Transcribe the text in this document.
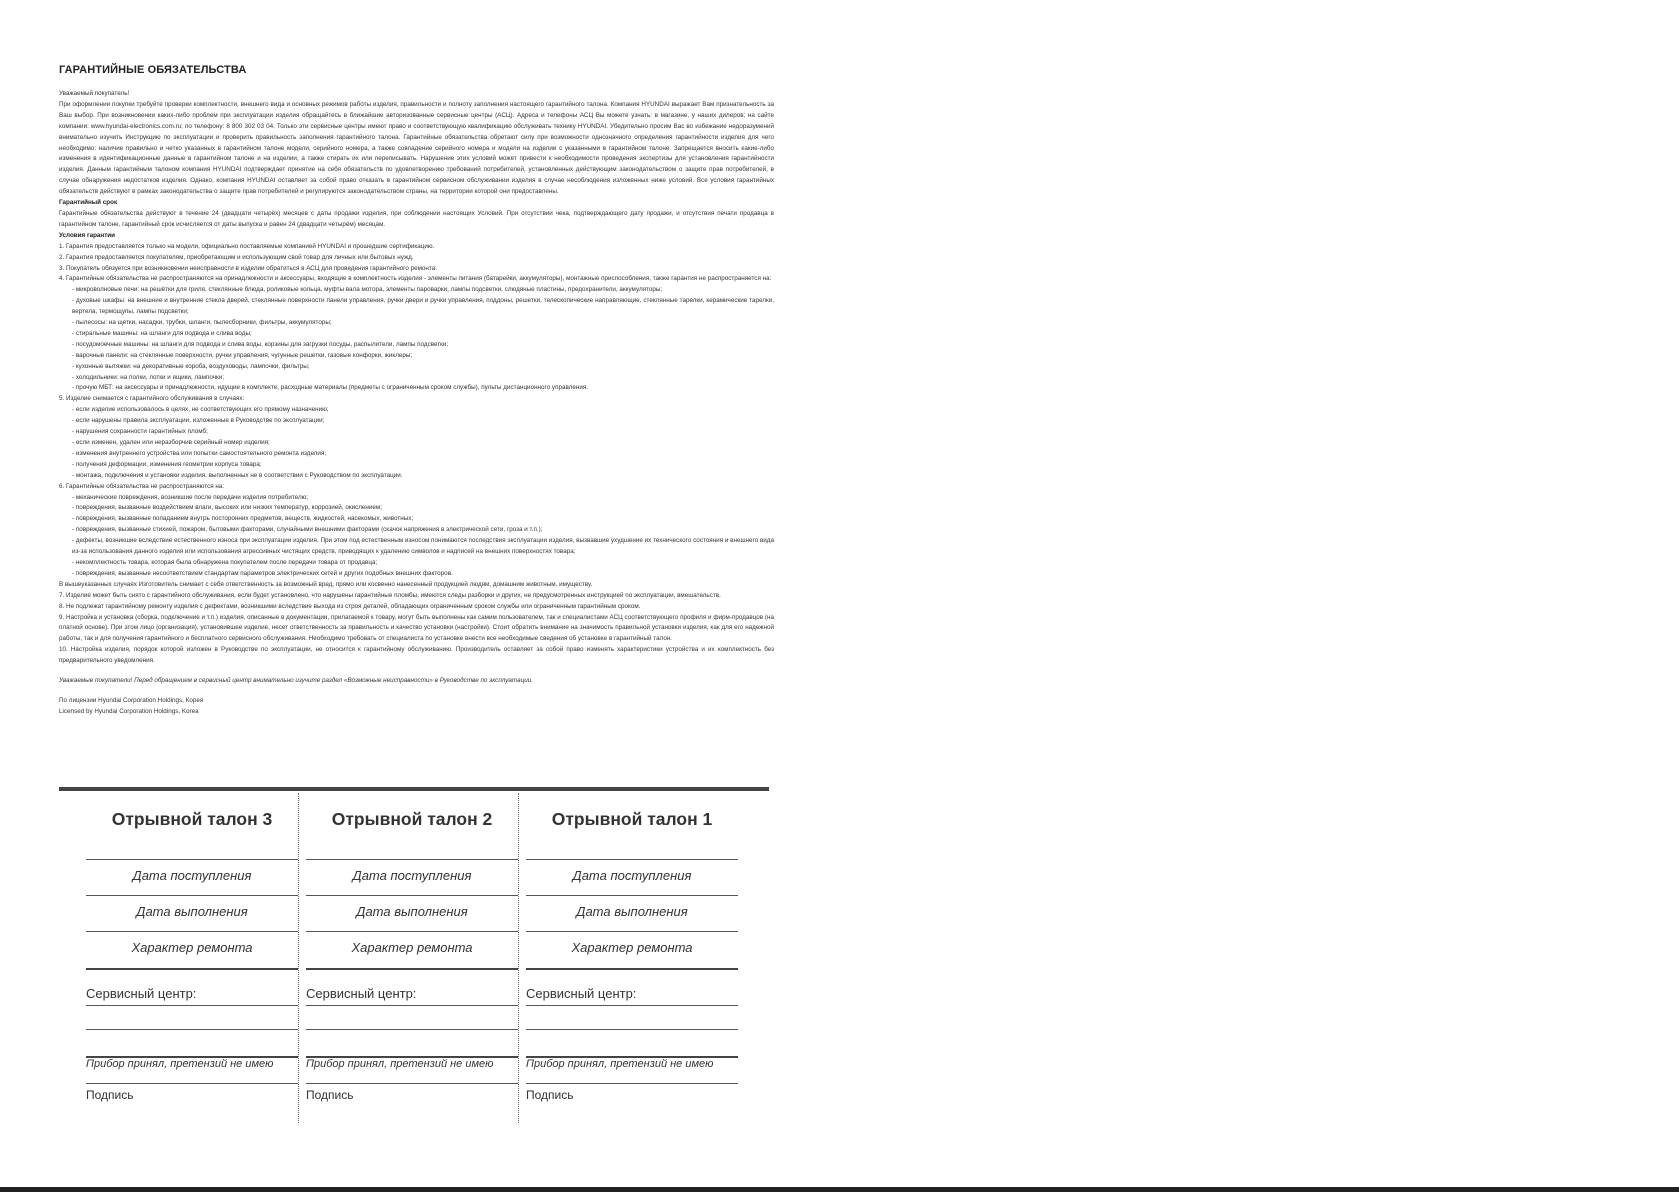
ГАРАНТИЙНЫЕ ОБЯЗАТЕЛЬСТВА

Уважаемый покупатель!

При оформлении покупки требуйте проверки комплектности, внешнего вида и основных режимов работы изделия, правильности и полноту заполнения настоящего гарантийного талона. Компания HYUNDAI выражает Вам признательность за Ваш выбор. При возникновении каких-либо проблем при эксплуатации изделия обращайтесь в ближайшие авторизованные сервисные центры (АСЦ). Адреса и телефоны АСЦ Вы можете узнать: в магазине, у наших дилеров; на сайте компании: www.hyundai-electronics.com.ru; по телефону: 8 800 302 03 04. Только эти сервисные центры имеют право и соответствующую квалификацию обслуживать технику HYUNDAI. Убедительно просим Вас во избежание недоразумений внимательно изучить Инструкцию по эксплуатации и проверить правильность заполнения гарантийного талона. Гарантийные обязательства обретают силу при возможности однозначного определения гарантийности изделия для чего необходимо: наличие правильно и четко указанных в гарантийном талоне модели, серийного номера, а также совпадение серийного номера и модели на изделии с указанными в гарантийном талоне. Запрещается вносить какие-либо изменения в идентификационные данные в гарантийном талоне и на изделии, а также стирать их или переписывать. Нарушение этих условий может привести к необходимости проведения экспертизы для установления гарантийности изделия. Данным гарантийным талоном компания HYUNDAI подтверждает принятие на себя обязательств по удовлетворению требований потребителей, установленных действующим законодательством о защите прав потребителей, в случае обнаружения недостатков изделия. Однако, компания HYUNDAI оставляет за собой право отказать в гарантийном сервисном обслуживании изделия в случае несоблюдения изложенных ниже условий. Все условия гарантийных обязательств действуют в рамках законодательства о защите прав потребителей и регулируются законодательством страны, на территории которой они предоставлены.

Гарантийный срок

Гарантийные обязательства действуют в течение 24 (двадцати четырёх) месяцев с даты продажи изделия, при соблюдении настоящих Условий. При отсутствии чека, подтверждающего дату продажи, и отсутствия печати продавца в гарантийном талоне, гарантийный срок исчисляется от даты выпуска и равен 24 (двадцати четырём) месяцам.

Условия гарантии

1. Гарантия предоставляется только на модели, официально поставляемые компанией HYUNDAI и прошедшие сертификацию.

2. Гарантия предоставляется покупателям, приобретающим и использующим свой товар для личных или бытовых нужд.

3. Покупатель обязуется при возникновении неисправности в изделии обратиться в АСЦ для проведения гарантийного ремонта.

4. Гарантийные обязательства не распространяются на принадлежности и аксессуары, входящие в комплектность изделия - элементы питания (батарейки, аккумуляторы), монтажные приспособления, также гарантия не распространяется на:

- микроволновые печи: на решётки для гриля, стеклянные блюда, роликовые кольца, муфты вала мотора, элементы пароварки, лампы подсветки, слюдяные пластины, предохранители, аккумуляторы;

- духовые шкафы: на внешние и внутренние стекла дверей, стеклянные поверхности панели управления, ручки двери и ручки управления, поддоны, решетки, телескопические направляющие, стеклянные тарелки, керамические тарелки, вертела, термощупы, лампы подсветки;

- пылесосы: на щетки, насадки, трубки, шланги, пылесборники, фильтры, аккумуляторы;

- стиральные машины: на шланги для подвода и слива воды;

- посудомоечные машины: на шланги для подвода и слива воды, корзины для загрузки посуды, распылители, лампы подсветки;

- варочные панели: на стеклянные поверхности, ручки управления, чугунные решетки, газовые конфорки, жиклеры;

- кухонные вытяжки: на декоративные короба, воздуховоды, лампочки, фильтры;

- холодильники: на полки, лотки и ящики, лампочки;

- прочую МБТ: на аксессуары и принадлежности, идущие в комплекте, расходные материалы (предметы с ограниченным сроком службы), пульты дистанционного управления.

5. Изделие снимается с гарантийного обслуживания в случаях:

- если изделие использовалось в целях, не соответствующих его прямому назначению;

- если нарушены правила эксплуатации, изложенные в Руководстве по эксплуатации;

- нарушения сохранности гарантийных пломб;

- если изменен, удален или неразборчив серийный номер изделия;

- изменения внутреннего устройства или попытки самостоятельного ремонта изделия;

- получения деформации, изменения геометрии корпуса товара;

- монтажа, подключения и установки изделия, выполненных не в соответствии с Руководством по эксплуатации.

6. Гарантийные обязательства не распространяются на:

- механические повреждения, возникшие после передачи изделия потребителю;

- повреждения, вызванные воздействием влаги, высоких или низких температур, коррозией, окислением;

- повреждения, вызванные попаданием внутрь посторонних предметов, веществ, жидкостей, насекомых, животных;

- повреждения, вызванные стихией, пожаром, бытовыми факторами, случайными внешними факторами (скачок напряжения в электрической сети, гроза и т.п.);

- дефекты, возникшие вследствие естественного износа при эксплуатации изделия. При этом под естественным износом понимаются последствия эксплуатации изделия, вызвавшие ухудшение их технического состояния и внешнего вида из-за использования данного изделия или использования агрессивных чистящих средств, приводящих к удалению символов и надписей на внешних поверхностях товара;

- некомплектность товара, которая была обнаружена покупателем после передачи товара от продавца;

- повреждения, вызванные несоответствием стандартам параметров электрических сетей и других подобных внешних факторов.

В вышеуказанных случаях Изготовитель снимает с себя ответственность за возможный вред, прямо или косвенно нанесенный продукцией людям, домашним животным, имуществу.

7. Изделие может быть снято с гарантийного обслуживания, если будет установлено, что нарушены гарантийные пломбы, имеются следы разборки и других, не предусмотренных инструкцией по эксплуатации, вмешательств.

8. Не подлежат гарантийному ремонту изделия с дефектами, возникшими вследствие выхода из строя деталей, обладающих ограниченным сроком службы или ограниченным гарантийным сроком.

9. Настройка и установка (сборка, подключение и т.п.) изделия, описанные в документации, прилагаемой к товару, могут быть выполнены как самим пользователем, так и специалистами АСЦ соответствующего профиля и фирм-продавцов (на платной основе). При этом лицо (организация), установившее изделие, несет ответственность за правильность и качество установки (настройки). Стоит обратить внимание на значимость правильной установки изделия, как для его надежной работы, так и для получения гарантийного и бесплатного сервисного обслуживания. Необходимо требовать от специалиста по установке внести все необходимые сведения об установке в гарантийный талон.

10. Настройка изделия, порядок которой изложен в Руководстве по эксплуатации, не относится к гарантийному обслуживанию. Производитель оставляет за собой право изменять характеристики устройства и их комплектность без предварительного уведомления.

Уважаемые покупатели! Перед обращением в сервисный центр внимательно изучите раздел «Возможные неисправности» в Руководстве по эксплуатации.

По лицензии Hyundai Corporation Holdings, Корея

Licensed by Hyundai Corporation Holdings, Korea

Отрывной талон 3
Дата поступления
Дата выполнения
Характер ремонта
Сервисный центр:
Прибор принял, претензий не имею
Подпись
Отрывной талон 2
Дата поступления
Дата выполнения
Характер ремонта
Сервисный центр:
Прибор принял, претензий не имею
Подпись
Отрывной талон 1
Дата поступления
Дата выполнения
Характер ремонта
Сервисный центр:
Прибор принял, претензий не имею
Подпись
